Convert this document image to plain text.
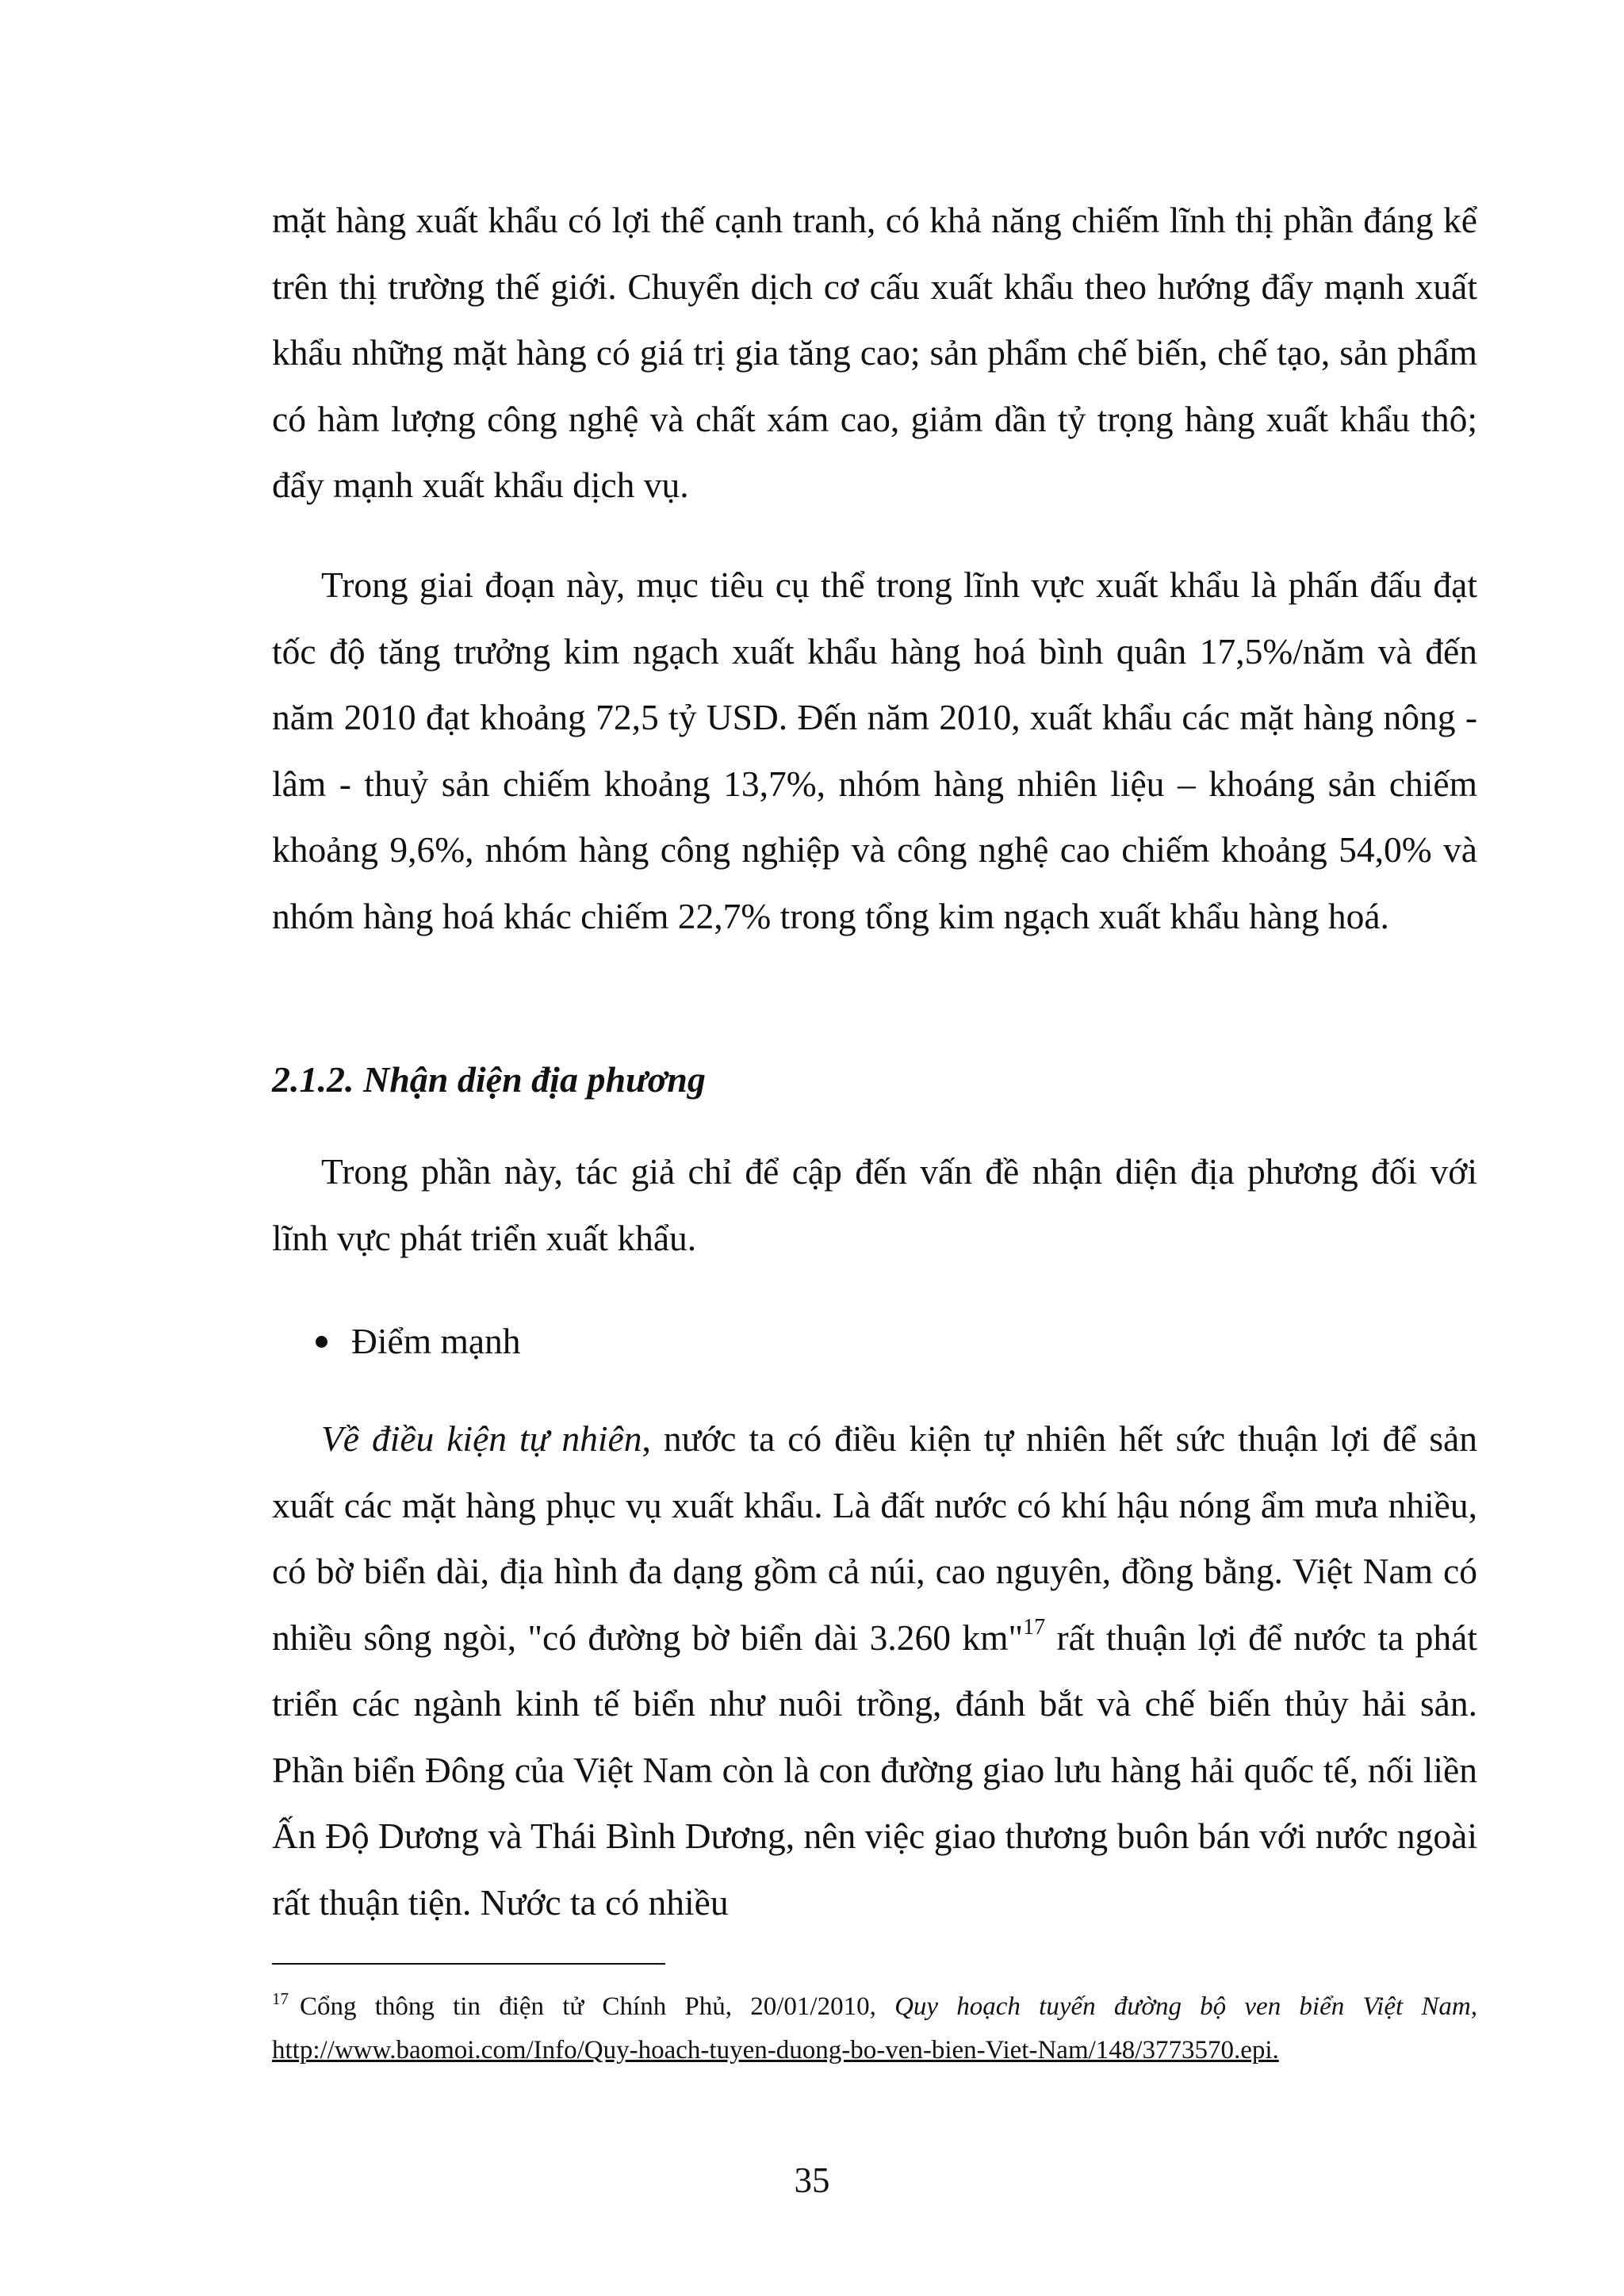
mặt hàng xuất khẩu có lợi thế cạnh tranh, có khả năng chiếm lĩnh thị phần đáng kể trên thị trường thế giới. Chuyển dịch cơ cấu xuất khẩu theo hướng đẩy mạnh xuất khẩu những mặt hàng có giá trị gia tăng cao; sản phẩm chế biến, chế tạo, sản phẩm có hàm lượng công nghệ và chất xám cao, giảm dần tỷ trọng hàng xuất khẩu thô; đẩy mạnh xuất khẩu dịch vụ.

Trong giai đoạn này, mục tiêu cụ thể trong lĩnh vực xuất khẩu là phấn đấu đạt tốc độ tăng trưởng kim ngạch xuất khẩu hàng hoá bình quân 17,5%/năm và đến năm 2010 đạt khoảng 72,5 tỷ USD. Đến năm 2010, xuất khẩu các mặt hàng nông - lâm - thuỷ sản chiếm khoảng 13,7%, nhóm hàng nhiên liệu – khoáng sản chiếm khoảng 9,6%, nhóm hàng công nghiệp và công nghệ cao chiếm khoảng 54,0% và nhóm hàng hoá khác chiếm 22,7% trong tổng kim ngạch xuất khẩu hàng hoá.

2.1.2. Nhận diện địa phương

Trong phần này, tác giả chỉ để cập đến vấn đề nhận diện địa phương đối với lĩnh vực phát triển xuất khẩu.

Điểm mạnh

Về điều kiện tự nhiên, nước ta có điều kiện tự nhiên hết sức thuận lợi để sản xuất các mặt hàng phục vụ xuất khẩu. Là đất nước có khí hậu nóng ẩm mưa nhiều, có bờ biển dài, địa hình đa dạng gồm cả núi, cao nguyên, đồng bằng. Việt Nam có nhiều sông ngòi, "có đường bờ biển dài 3.260 km"$^{17}$ rất thuận lợi để nước ta phát triển các ngành kinh tế biển như nuôi trồng, đánh bắt và chế biến thủy hải sản. Phần biển Đông của Việt Nam còn là con đường giao lưu hàng hải quốc tế, nối liền Ấn Độ Dương và Thái Bình Dương, nên việc giao thương buôn bán với nước ngoài rất thuận tiện. Nước ta có nhiều

$^{17}$ Cổng thông tin điện tử Chính Phủ, 20/01/2010, Quy hoạch tuyến đường bộ ven biển Việt Nam, http://www.baomoi.com/Info/Quy-hoach-tuyen-duong-bo-ven-bien-Viet-Nam/148/3773570.epi.

35
